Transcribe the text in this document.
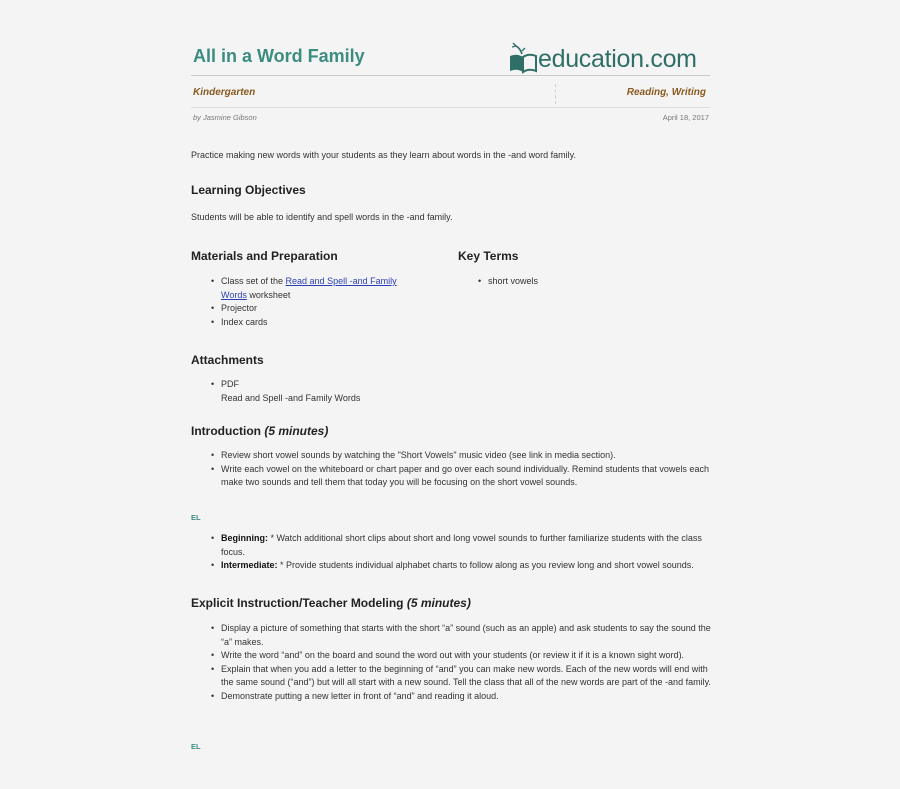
All in a Word Family	education.com
Kindergarten	Reading, Writing
by Jasmine Gibson	April 18, 2017

Practice making new words with your students as they learn about words in the -and word family.

Learning Objectives

Students will be able to identify and spell words in the -and family.

Materials and Preparation
• Class set of the Read and Spell -and Family
Words worksheet
• Projector
• Index cards
Key Terms
• short vowels
Attachments
• PDF
Read and Spell -and Family Words
Introduction (5 minutes)
• Review short vowel sounds by watching the "Short Vowels" music video (see link in media section).
• Write each vowel on the whiteboard or chart paper and go over each sound individually. Remind students that vowels each make two sounds and tell them that today you will be focusing on the short vowel sounds.
EL
• Beginning: * Watch additional short clips about short and long vowel sounds to further familiarize students with the class focus.
• Intermediate: * Provide students individual alphabet charts to follow along as you review long and short vowel sounds.
Explicit Instruction/Teacher Modeling (5 minutes)
• Display a picture of something that starts with the short “a” sound (such as an apple) and ask students to say the sound the “a” makes.
• Write the word “and” on the board and sound the word out with your students (or review it if it is a known sight word).
• Explain that when you add a letter to the beginning of “and” you can make new words. Each of the new words will end with the same sound (“and”) but will all start with a new sound. Tell the class that all of the new words are part of the -and family.
• Demonstrate putting a new letter in front of “and” and reading it aloud.
EL
